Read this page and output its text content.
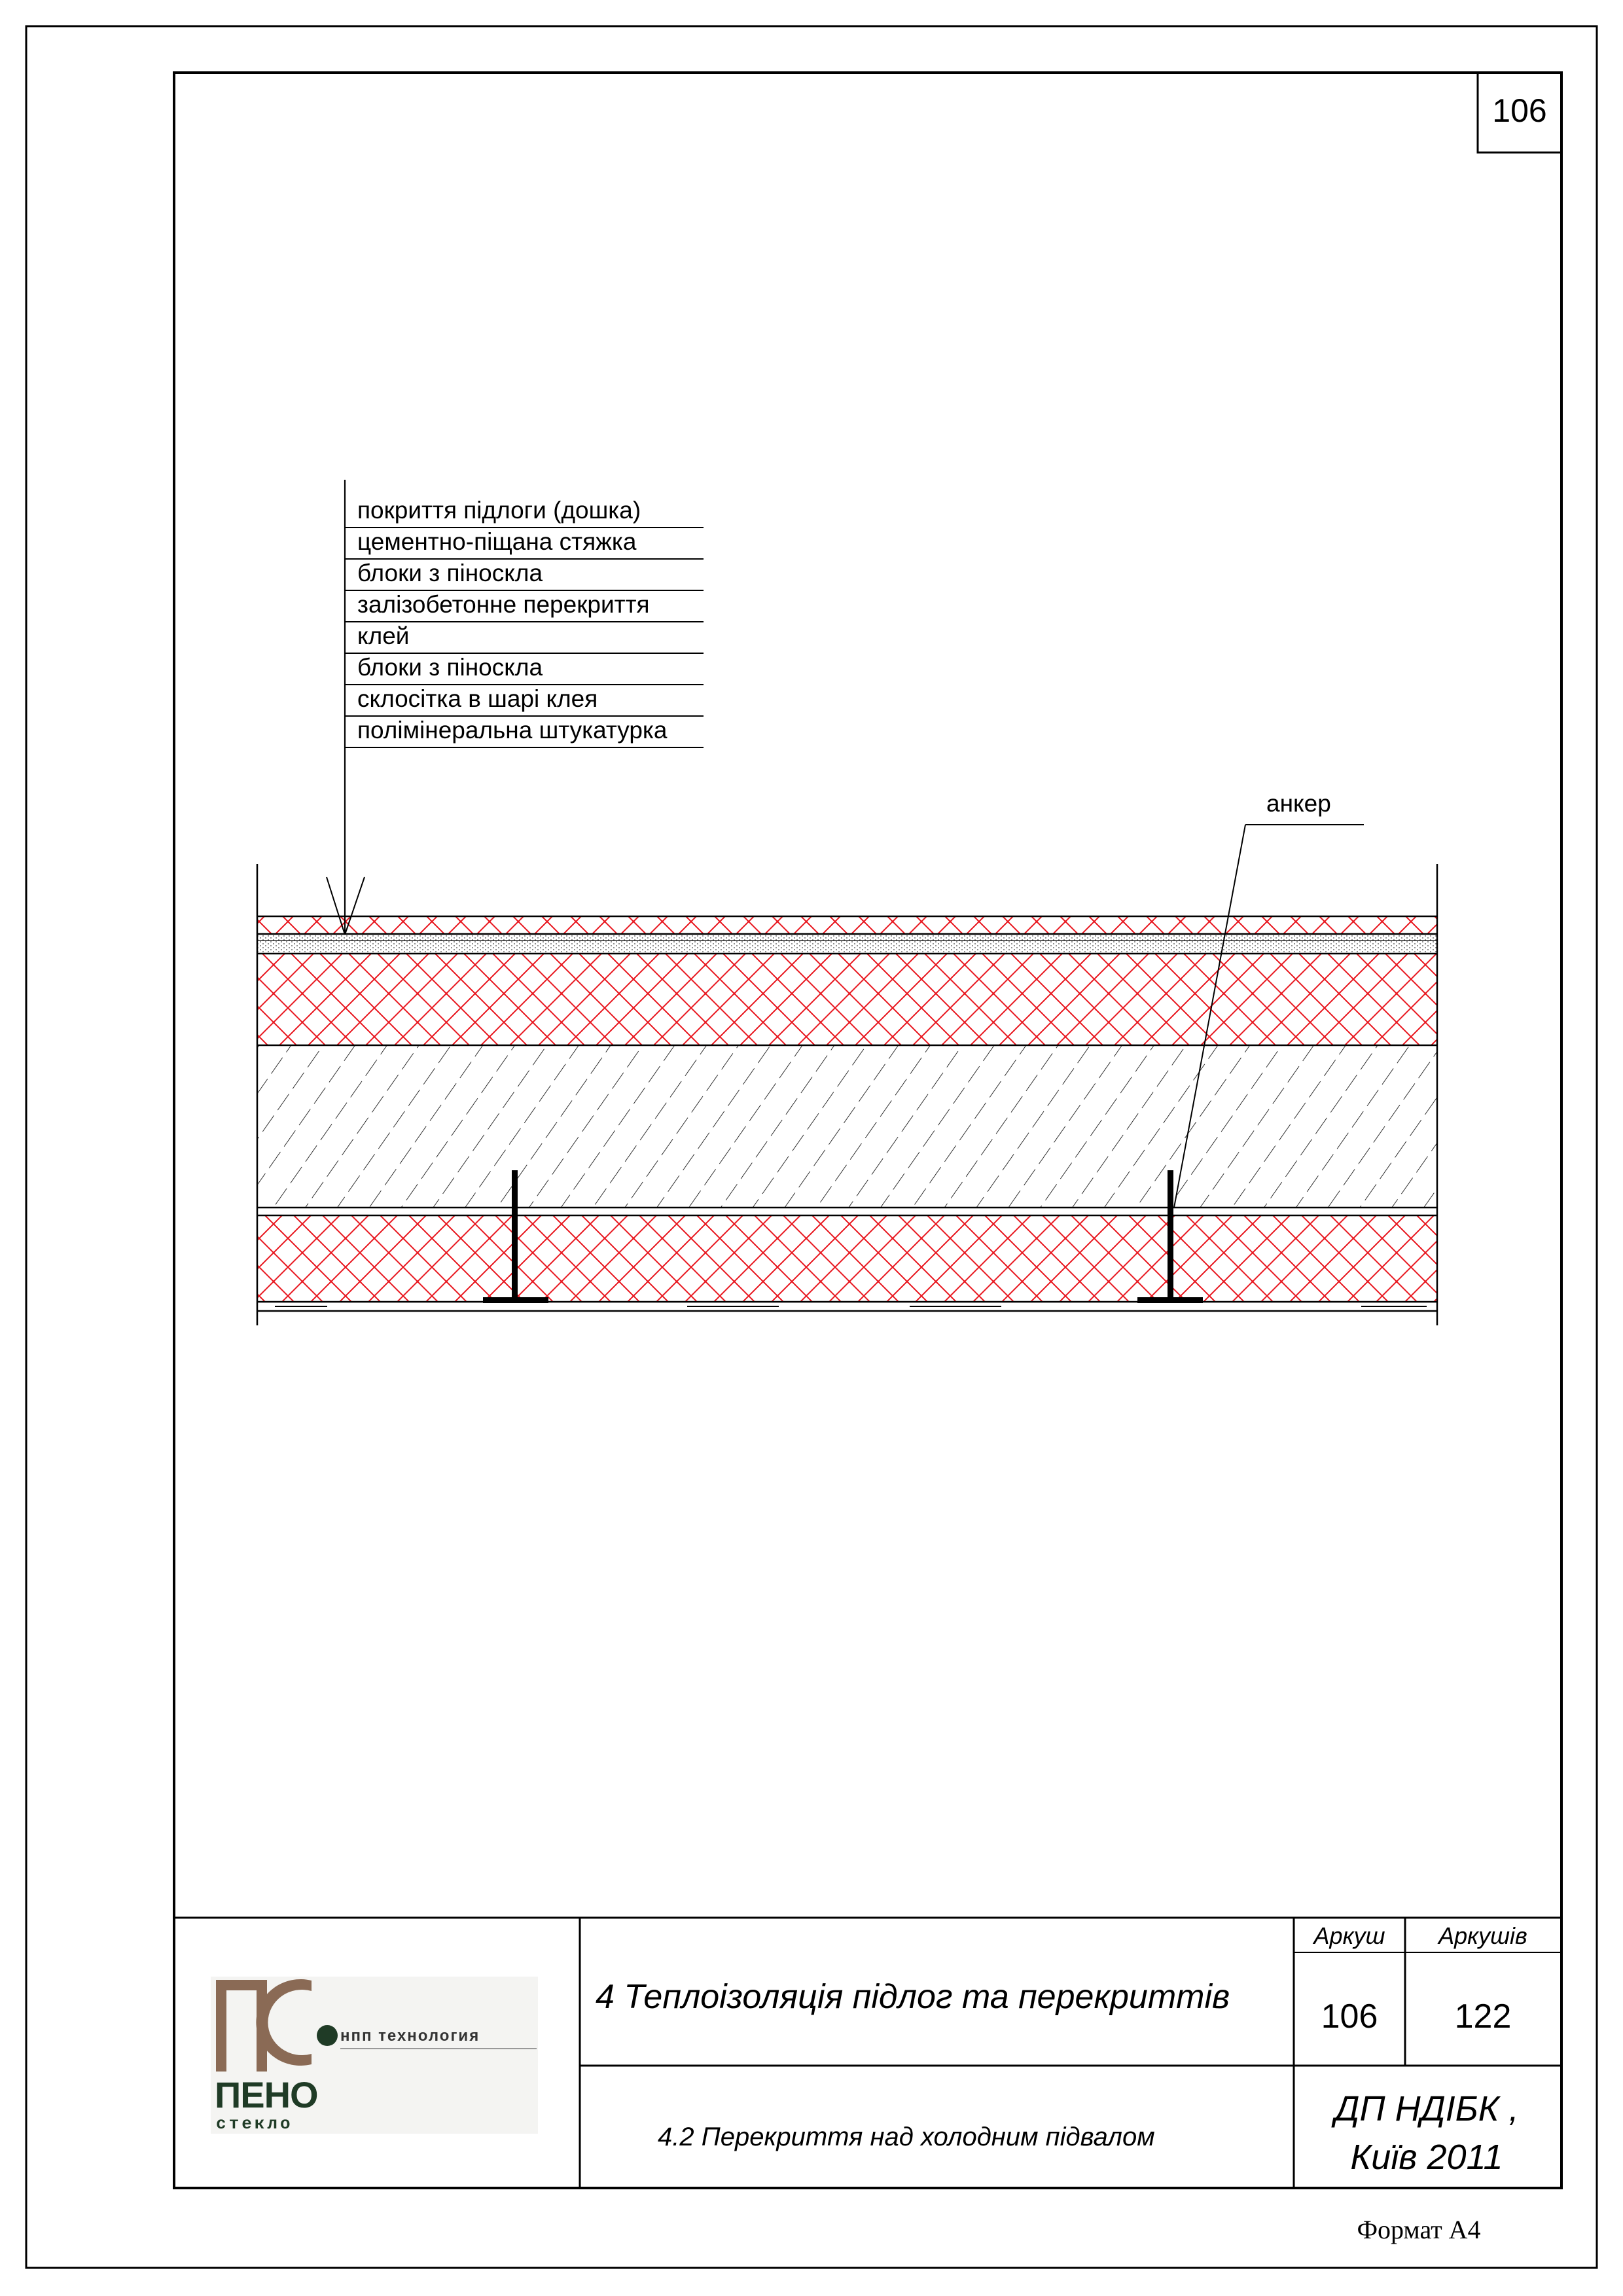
106
покриття підлоги (дошка)
цементно-піщана стяжка
блоки з піноскла
залізобетонне перекриття
клей
блоки з піноскла
склосітка в шарі клея
полімінеральна штукатурка
анкер
Аркуш Аркушів
106 122
4 Теплоізоляція підлог та перекриттів
4.2 Перекриття над холодним підвалом
ДП НДІБК ,
Київ 2011
Формат А4
нпп технология
ПЕНО
стекло
